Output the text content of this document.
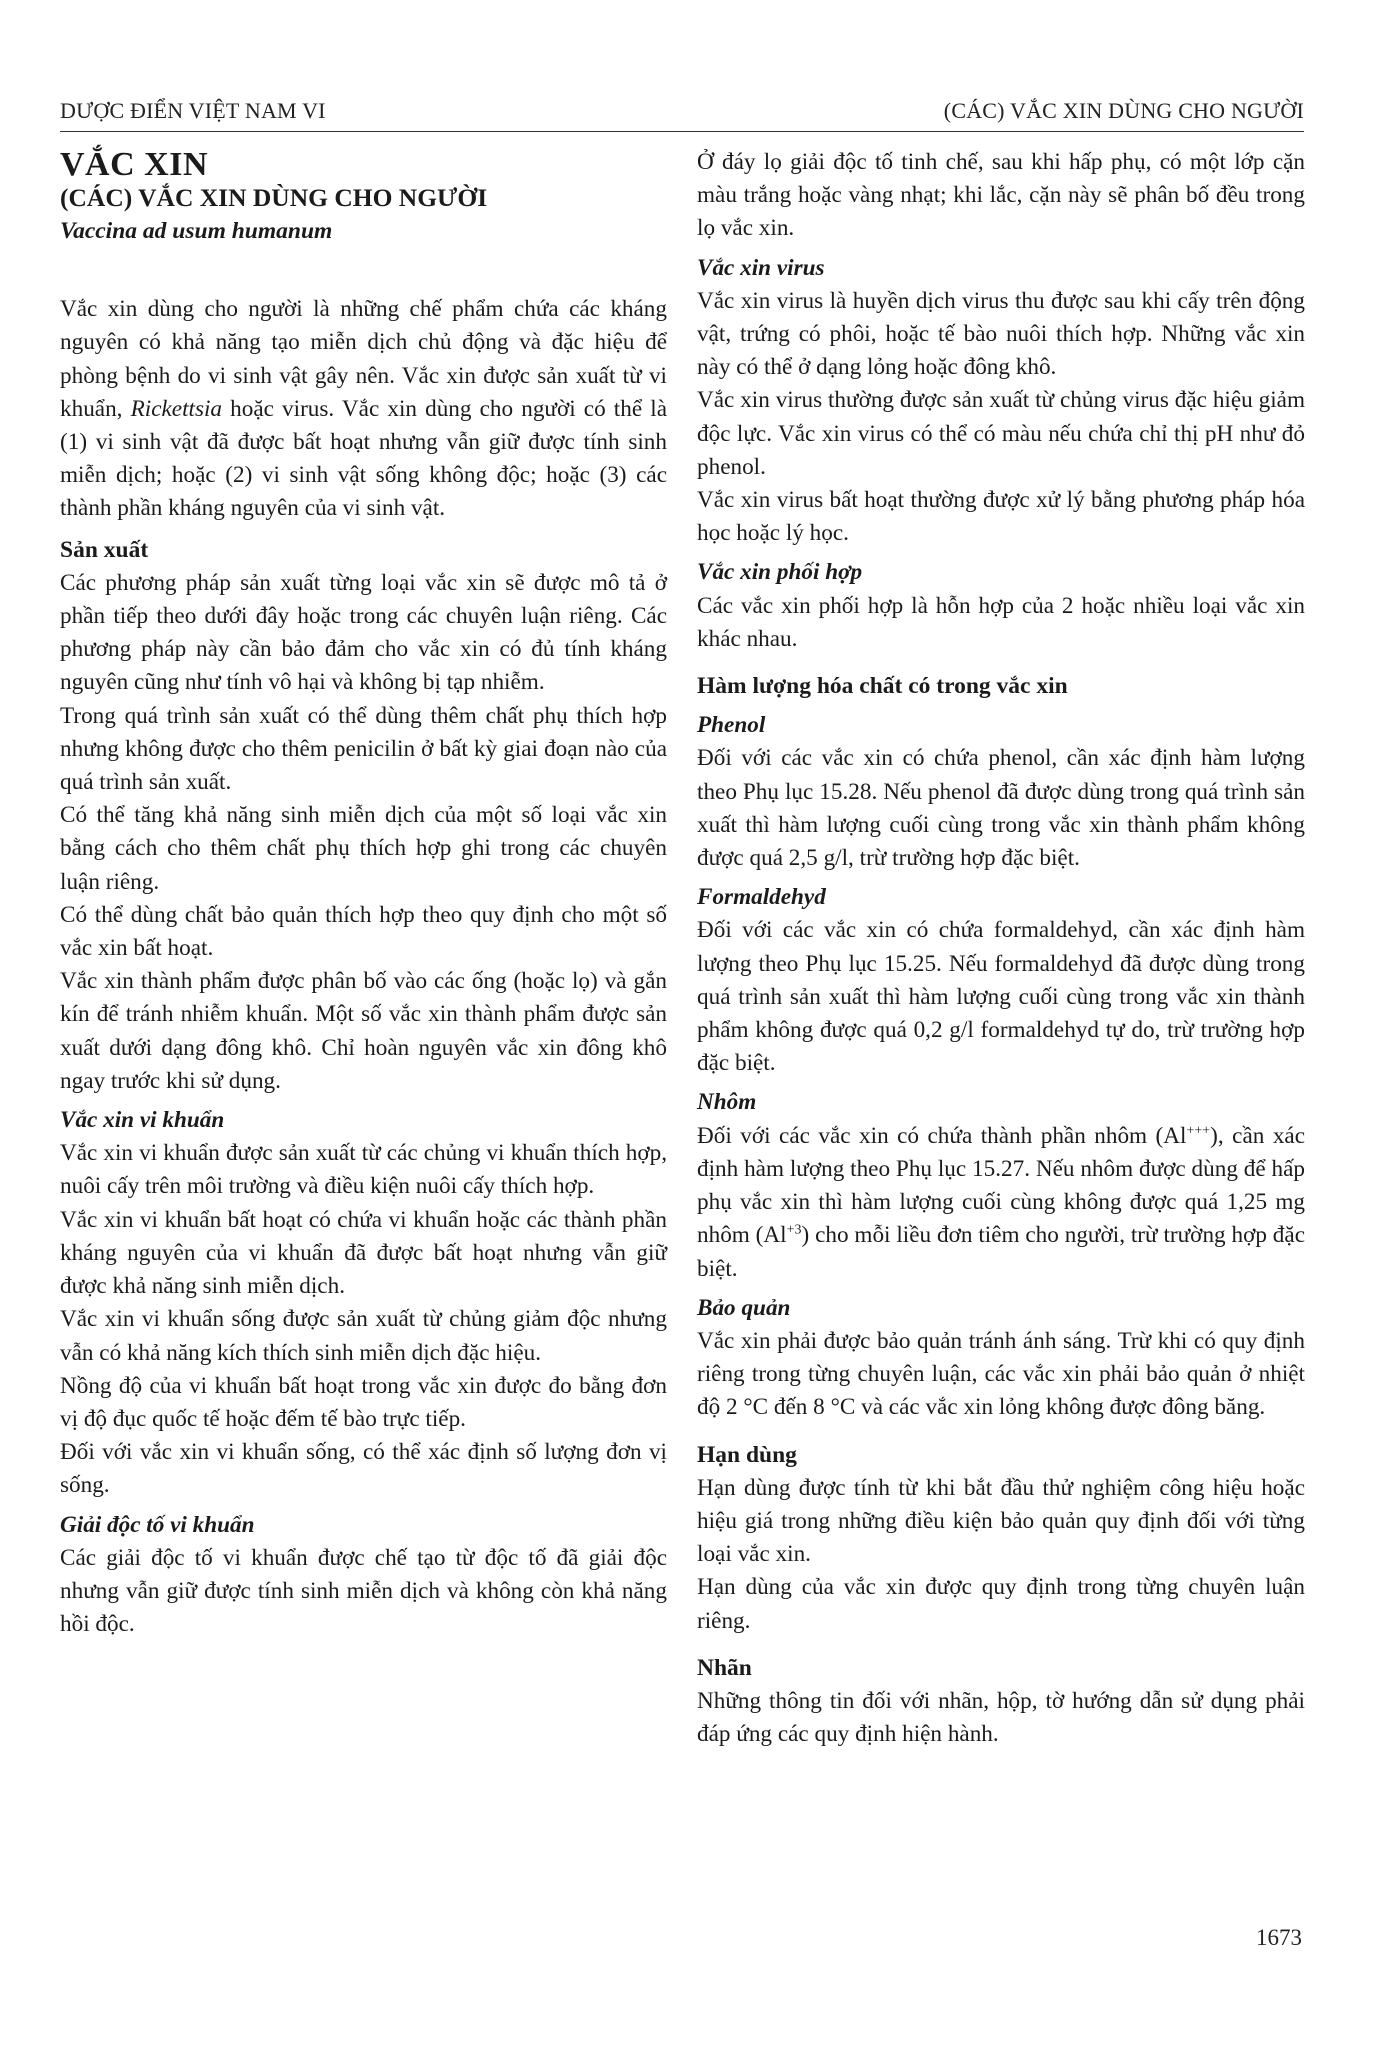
DƯỢC ĐIỂN VIỆT NAM VI	(CÁC) VẮC XIN DÙNG CHO NGƯỜI

VẮC XIN

(CÁC) VẮC XIN DÙNG CHO NGƯỜI

Vaccina ad usum humanum

Vắc xin dùng cho người là những chế phẩm chứa các kháng nguyên có khả năng tạo miễn dịch chủ động và đặc hiệu để phòng bệnh do vi sinh vật gây nên. Vắc xin được sản xuất từ vi khuẩn, Rickettsia hoặc virus. Vắc xin dùng cho người có thể là (1) vi sinh vật đã được bất hoạt nhưng vẫn giữ được tính sinh miễn dịch; hoặc (2) vi sinh vật sống không độc; hoặc (3) các thành phần kháng nguyên của vi sinh vật.

Sản xuất

Các phương pháp sản xuất từng loại vắc xin sẽ được mô tả ở phần tiếp theo dưới đây hoặc trong các chuyên luận riêng. Các phương pháp này cần bảo đảm cho vắc xin có đủ tính kháng nguyên cũng như tính vô hại và không bị tạp nhiễm.

Trong quá trình sản xuất có thể dùng thêm chất phụ thích hợp nhưng không được cho thêm penicilin ở bất kỳ giai đoạn nào của quá trình sản xuất.

Có thể tăng khả năng sinh miễn dịch của một số loại vắc xin bằng cách cho thêm chất phụ thích hợp ghi trong các chuyên luận riêng.

Có thể dùng chất bảo quản thích hợp theo quy định cho một số vắc xin bất hoạt.

Vắc xin thành phẩm được phân bố vào các ống (hoặc lọ) và gắn kín để tránh nhiễm khuẩn. Một số vắc xin thành phẩm được sản xuất dưới dạng đông khô. Chỉ hoàn nguyên vắc xin đông khô ngay trước khi sử dụng.

Vắc xin vi khuẩn

Vắc xin vi khuẩn được sản xuất từ các chủng vi khuẩn thích hợp, nuôi cấy trên môi trường và điều kiện nuôi cấy thích hợp.

Vắc xin vi khuẩn bất hoạt có chứa vi khuẩn hoặc các thành phần kháng nguyên của vi khuẩn đã được bất hoạt nhưng vẫn giữ được khả năng sinh miễn dịch.

Vắc xin vi khuẩn sống được sản xuất từ chủng giảm độc nhưng vẫn có khả năng kích thích sinh miễn dịch đặc hiệu.

Nồng độ của vi khuẩn bất hoạt trong vắc xin được đo bằng đơn vị độ đục quốc tế hoặc đếm tế bào trực tiếp.

Đối với vắc xin vi khuẩn sống, có thể xác định số lượng đơn vị sống.

Giải độc tố vi khuẩn

Các giải độc tố vi khuẩn được chế tạo từ độc tố đã giải độc nhưng vẫn giữ được tính sinh miễn dịch và không còn khả năng hồi độc.

Ở đáy lọ giải độc tố tinh chế, sau khi hấp phụ, có một lớp cặn màu trắng hoặc vàng nhạt; khi lắc, cặn này sẽ phân bố đều trong lọ vắc xin.

Vắc xin virus

Vắc xin virus là huyền dịch virus thu được sau khi cấy trên động vật, trứng có phôi, hoặc tế bào nuôi thích hợp. Những vắc xin này có thể ở dạng lỏng hoặc đông khô.

Vắc xin virus thường được sản xuất từ chủng virus đặc hiệu giảm độc lực. Vắc xin virus có thể có màu nếu chứa chỉ thị pH như đỏ phenol.

Vắc xin virus bất hoạt thường được xử lý bằng phương pháp hóa học hoặc lý học.

Vắc xin phối hợp

Các vắc xin phối hợp là hỗn hợp của 2 hoặc nhiều loại vắc xin khác nhau.

Hàm lượng hóa chất có trong vắc xin

Phenol

Đối với các vắc xin có chứa phenol, cần xác định hàm lượng theo Phụ lục 15.28. Nếu phenol đã được dùng trong quá trình sản xuất thì hàm lượng cuối cùng trong vắc xin thành phẩm không được quá 2,5 g/l, trừ trường hợp đặc biệt.

Formaldehyd

Đối với các vắc xin có chứa formaldehyd, cần xác định hàm lượng theo Phụ lục 15.25. Nếu formaldehyd đã được dùng trong quá trình sản xuất thì hàm lượng cuối cùng trong vắc xin thành phẩm không được quá 0,2 g/l formaldehyd tự do, trừ trường hợp đặc biệt.

Nhôm

Đối với các vắc xin có chứa thành phần nhôm (Al+++), cần xác định hàm lượng theo Phụ lục 15.27. Nếu nhôm được dùng để hấp phụ vắc xin thì hàm lượng cuối cùng không được quá 1,25 mg nhôm $(Al^{+3})$ cho mỗi liều đơn tiêm cho người, trừ trường hợp đặc biệt.

Bảo quản

Vắc xin phải được bảo quản tránh ánh sáng. Trừ khi có quy định riêng trong từng chuyên luận, các vắc xin phải bảo quản ở nhiệt độ 2 °C đến 8 °C và các vắc xin lỏng không được đông băng.

Hạn dùng

Hạn dùng được tính từ khi bắt đầu thử nghiệm công hiệu hoặc hiệu giá trong những điều kiện bảo quản quy định đối với từng loại vắc xin.

Hạn dùng của vắc xin được quy định trong từng chuyên luận riêng.

Nhãn

Những thông tin đối với nhãn, hộp, tờ hướng dẫn sử dụng phải đáp ứng các quy định hiện hành.

1673
